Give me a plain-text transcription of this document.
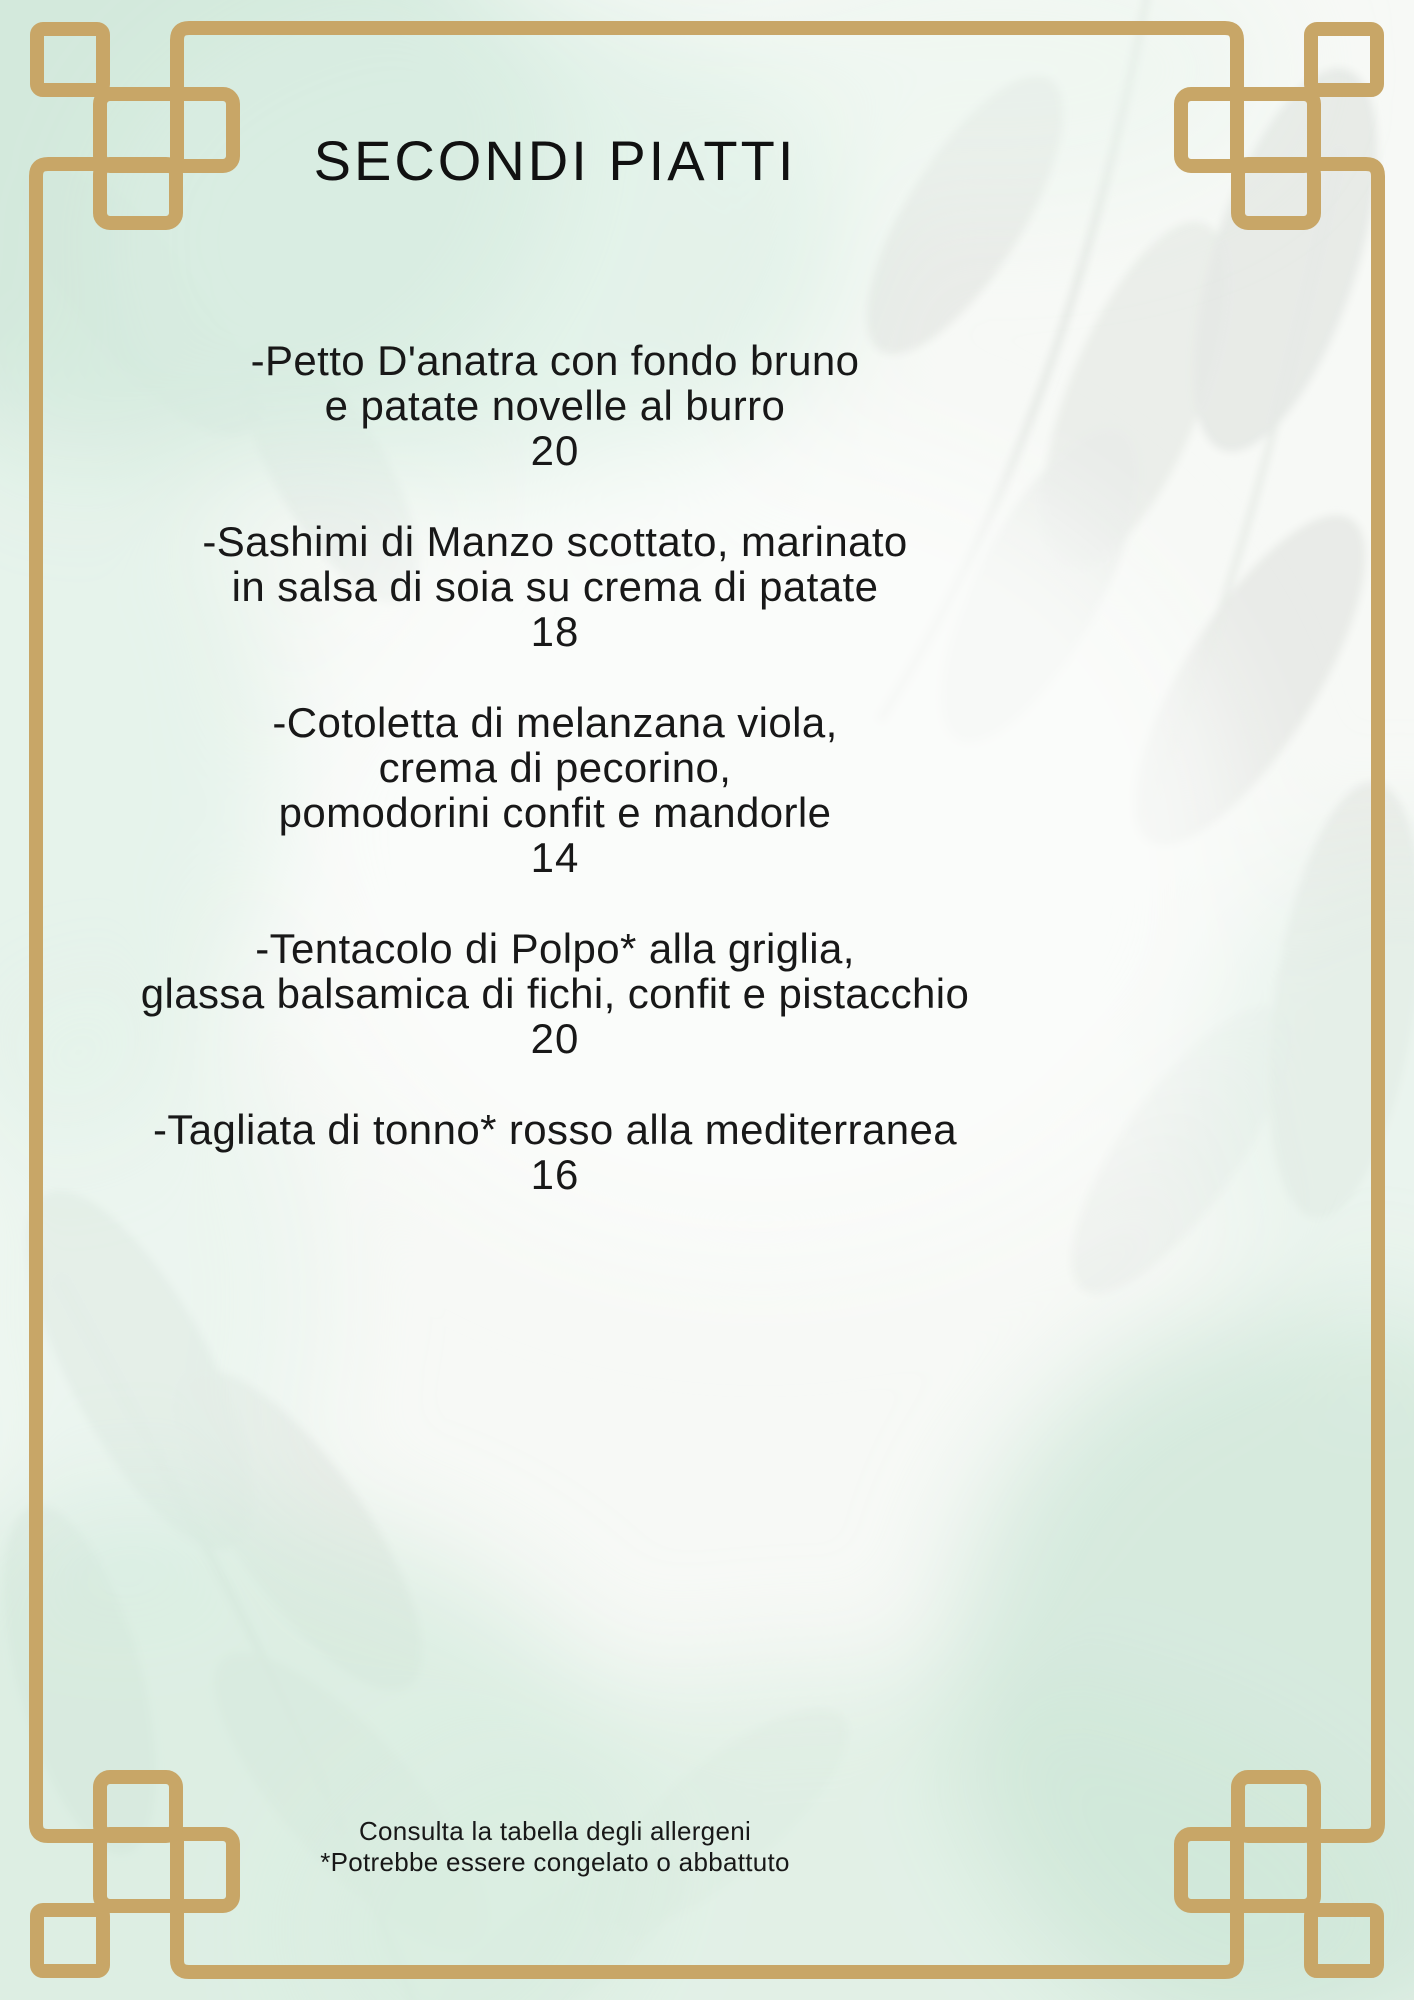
SECONDI PIATTI
-Petto D'anatra con fondo bruno
e patate novelle al burro
20
-Sashimi di Manzo scottato, marinato
in salsa di soia su crema di patate
18
-Cotoletta di melanzana viola,
crema di pecorino,
pomodorini confit e mandorle
14
-Tentacolo di Polpo* alla griglia,
glassa balsamica di fichi, confit e pistacchio
20
-Tagliata di tonno* rosso alla mediterranea
16
Consulta la tabella degli allergeni
*Potrebbe essere congelato o abbattuto
